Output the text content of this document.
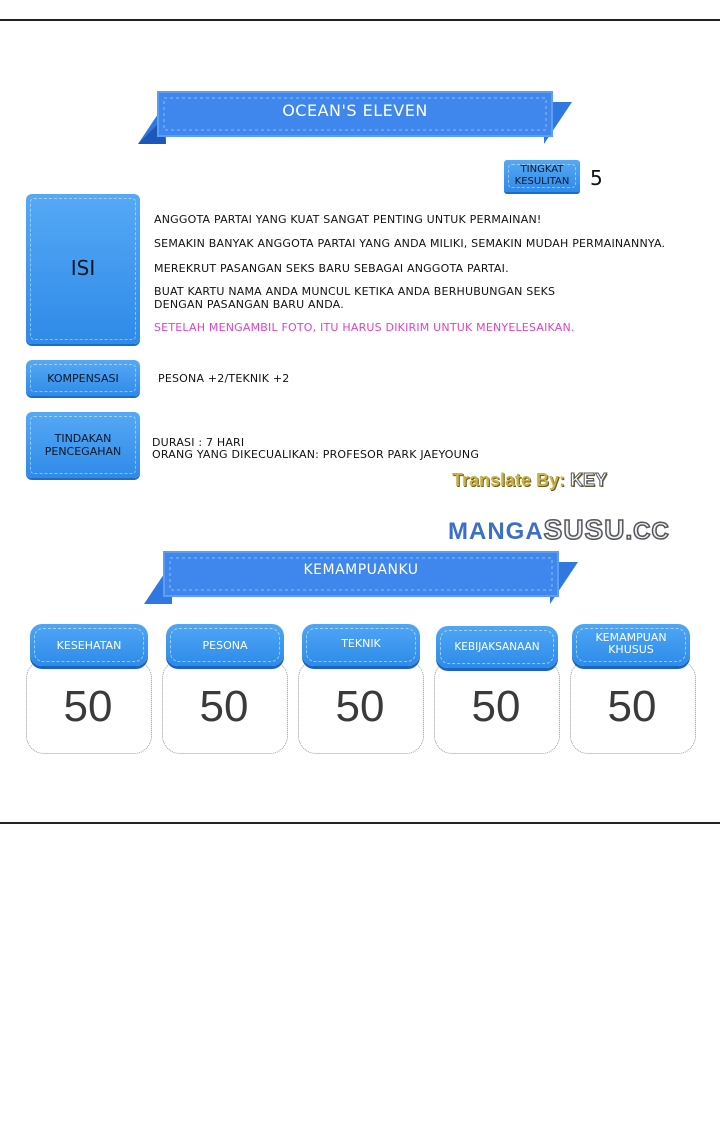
OCEAN'S ELEVEN
TINGKAT KESULITAN 5
ISI
ANGGOTA PARTAI YANG KUAT SANGAT PENTING UNTUK PERMAINAN!
SEMAKIN BANYAK ANGGOTA PARTAI YANG ANDA MILIKI, SEMAKIN MUDAH PERMAINANNYA.
MEREKRUT PASANGAN SEKS BARU SEBAGAI ANGGOTA PARTAI.
BUAT KARTU NAMA ANDA MUNCUL KETIKA ANDA BERHUBUNGAN SEKS
DENGAN PASANGAN BARU ANDA.
SETELAH MENGAMBIL FOTO, ITU HARUS DIKIRIM UNTUK MENYELESAIKAN.
KOMPENSASI	PESONA +2/TEKNIK +2
TINDAKAN PENCEGAHAN
DURASI : 7 HARI
ORANG YANG DIKECUALIKAN: PROFESOR PARK JAEYOUNG
Translate By: KEY
MANGASUSU.CC
KEMAMPUANKU
KESEHATAN
50
PESONA
50
TEKNIK
50
KEBIJAKSANAAN
50
KEMAMPUAN KHUSUS
50
